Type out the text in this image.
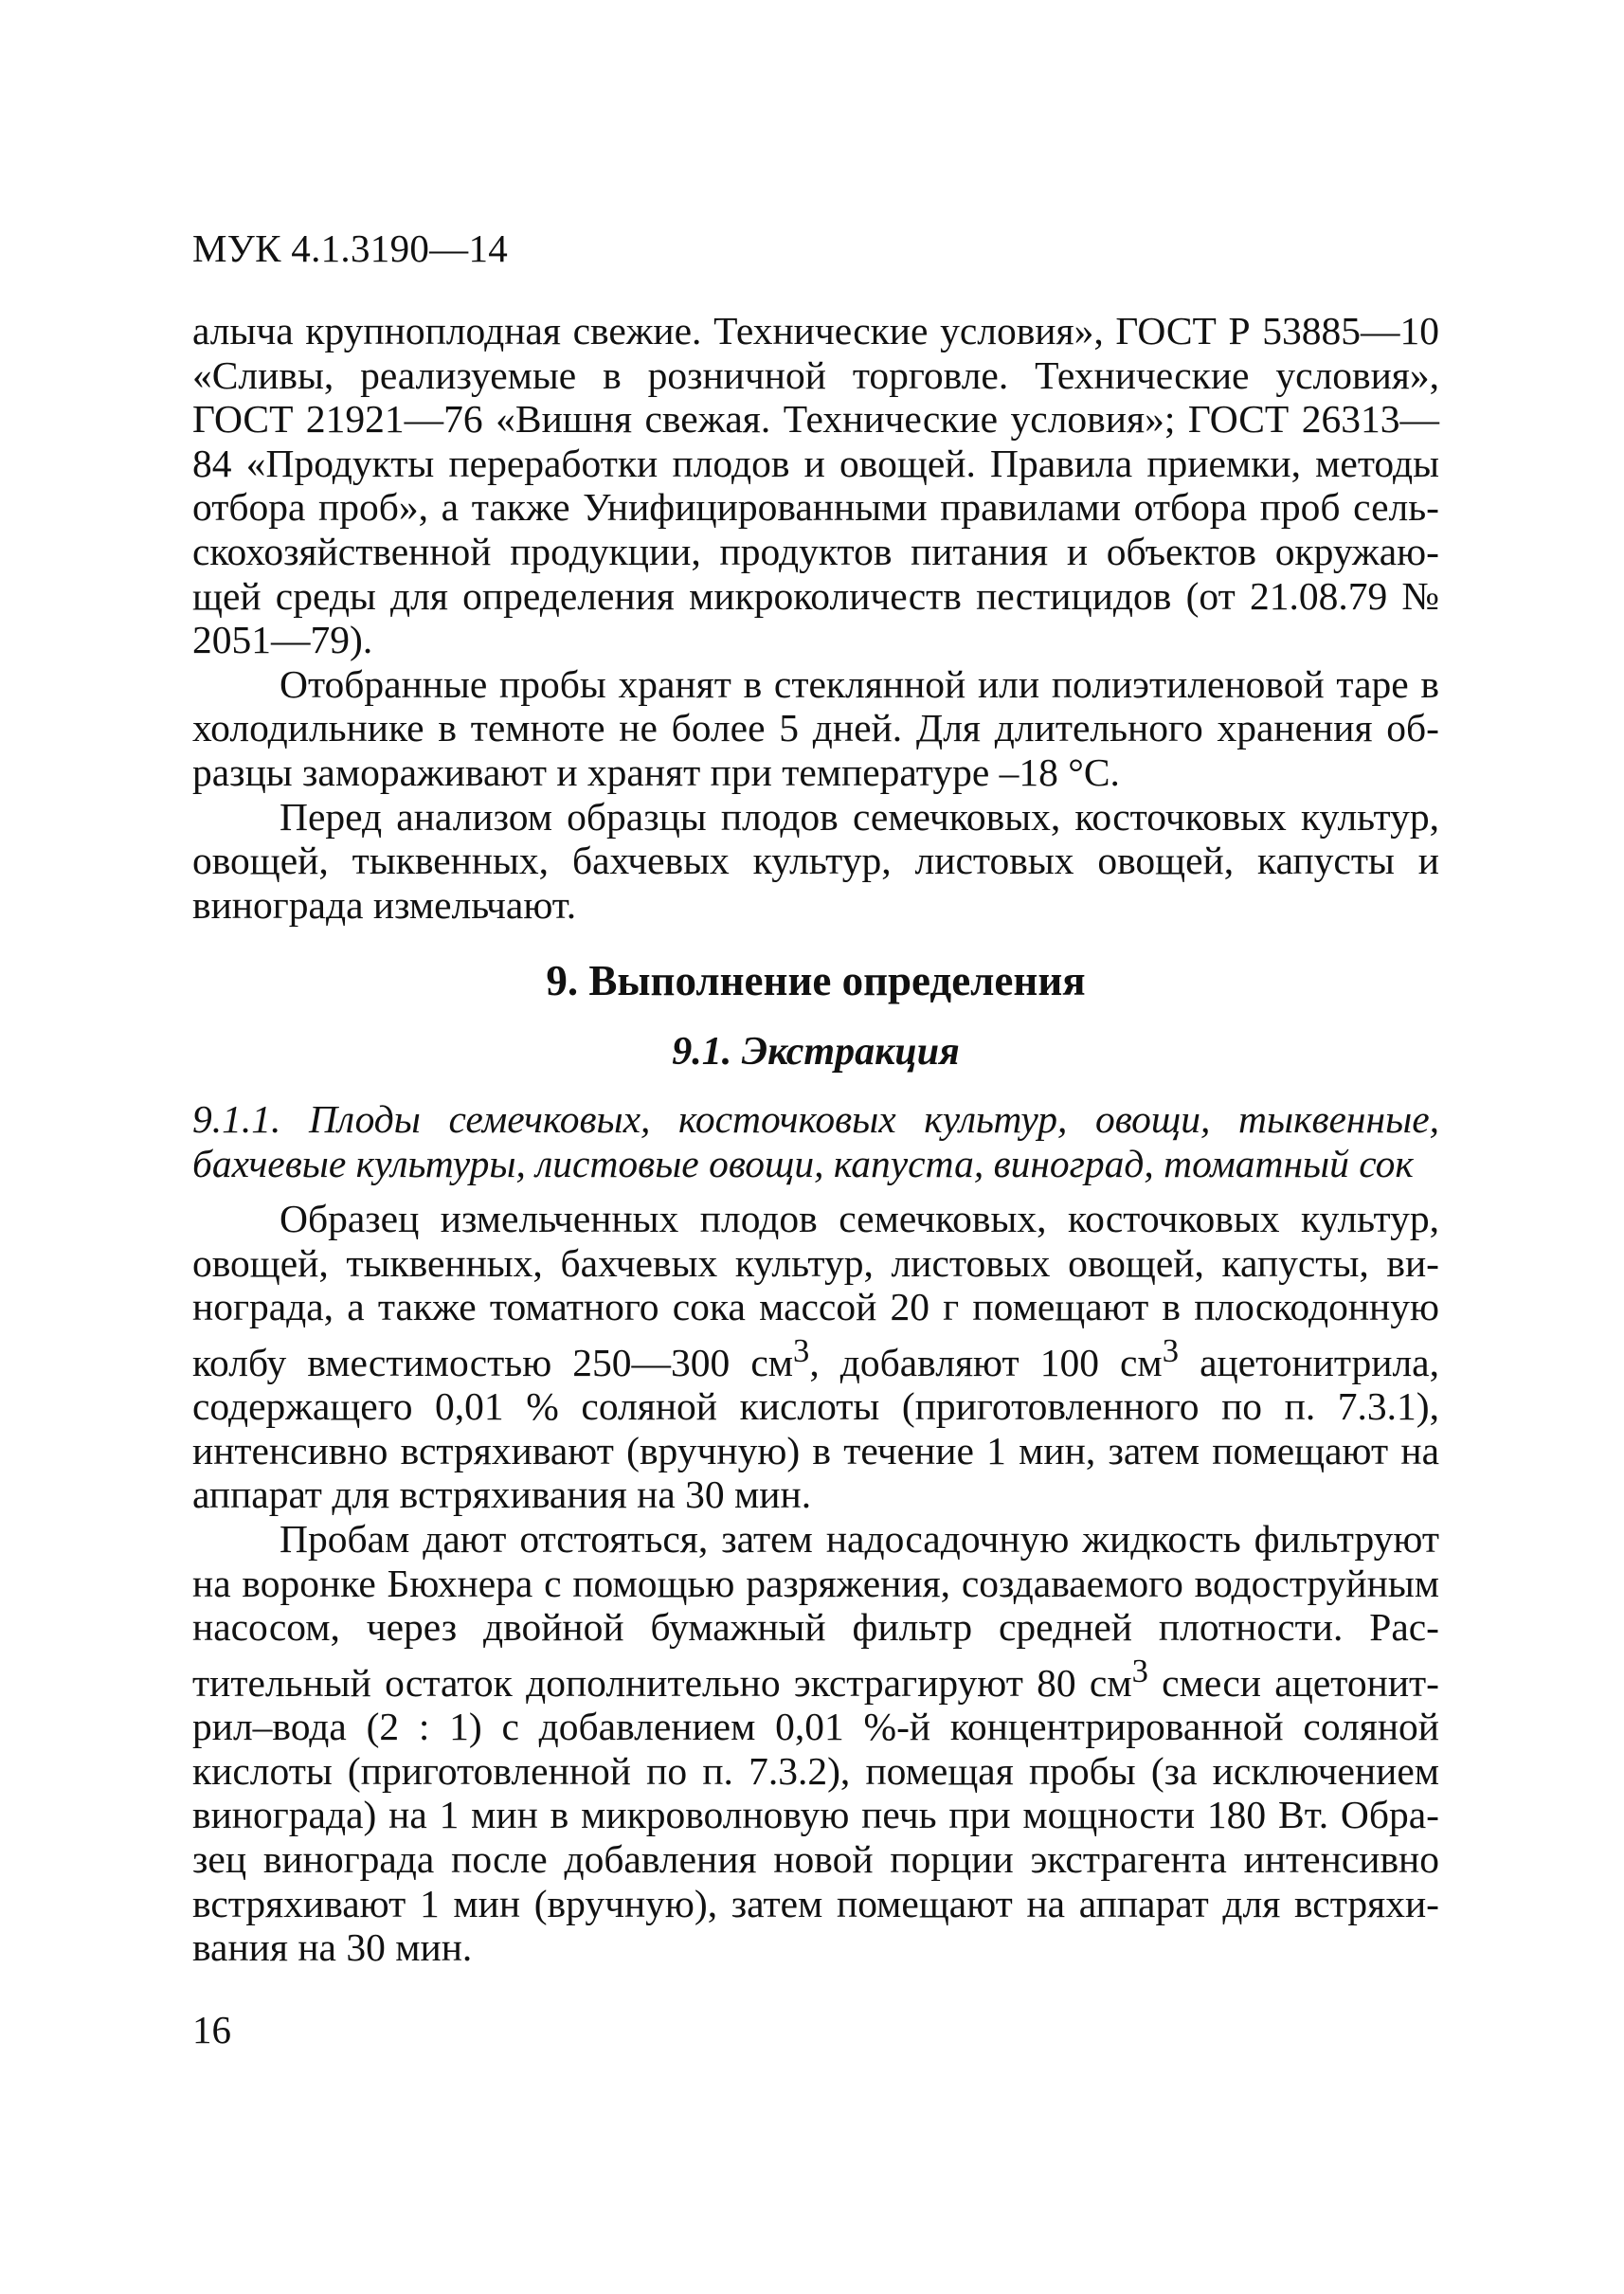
МУК 4.1.3190—14

алыча крупноплодная свежие. Технические условия», ГОСТ Р 53885—10 «Сливы, реализуемые в розничной торговле. Технические условия», ГОСТ 21921—76 «Вишня свежая. Технические условия»; ГОСТ 26313—84 «Продукты переработки плодов и овощей. Правила приемки, методы отбора проб», а также Унифицированными правилами отбора проб сельскохозяйственной продукции, продуктов питания и объектов окружающей среды для определения микроколичеств пестицидов (от 21.08.79 № 2051—79).

Отобранные пробы хранят в стеклянной или полиэтиленовой таре в холодильнике в темноте не более 5 дней. Для длительного хранения образцы замораживают и хранят при температуре –18 °С.

Перед анализом образцы плодов семечковых, косточковых культур, овощей, тыквенных, бахчевых культур, листовых овощей, капусты и винограда измельчают.

9. Выполнение определения
9.1. Экстракция
9.1.1. Плоды семечковых, косточковых культур, овощи, тыквенные, бахчевые культуры, листовые овощи, капуста, виноград, томатный сок

Образец измельченных плодов семечковых, косточковых культур, овощей, тыквенных, бахчевых культур, листовых овощей, капусты, винограда, а также томатного сока массой 20 г помещают в плоскодонную колбу вместимостью 250—300 $см^3$, добавляют 100 $см^3$ ацетонитрила, содержащего 0,01 % соляной кислоты (приготовленного по п. 7.3.1), интенсивно встряхивают (вручную) в течение 1 мин, затем помещают на аппарат для встряхивания на 30 мин.

Пробам дают отстояться, затем надосадочную жидкость фильтруют на воронке Бюхнера с помощью разряжения, создаваемого водоструйным насосом, через двойной бумажный фильтр средней плотности. Растительный остаток дополнительно экстрагируют 80 $см^3$ смеси ацетонитрил–вода (2 : 1) с добавлением 0,01 %-й концентрированной соляной кислоты (приготовленной по п. 7.3.2), помещая пробы (за исключением винограда) на 1 мин в микроволновую печь при мощности 180 Вт. Образец винограда после добавления новой порции экстрагента интенсивно встряхивают 1 мин (вручную), затем помещают на аппарат для встряхивания на 30 мин.

16
